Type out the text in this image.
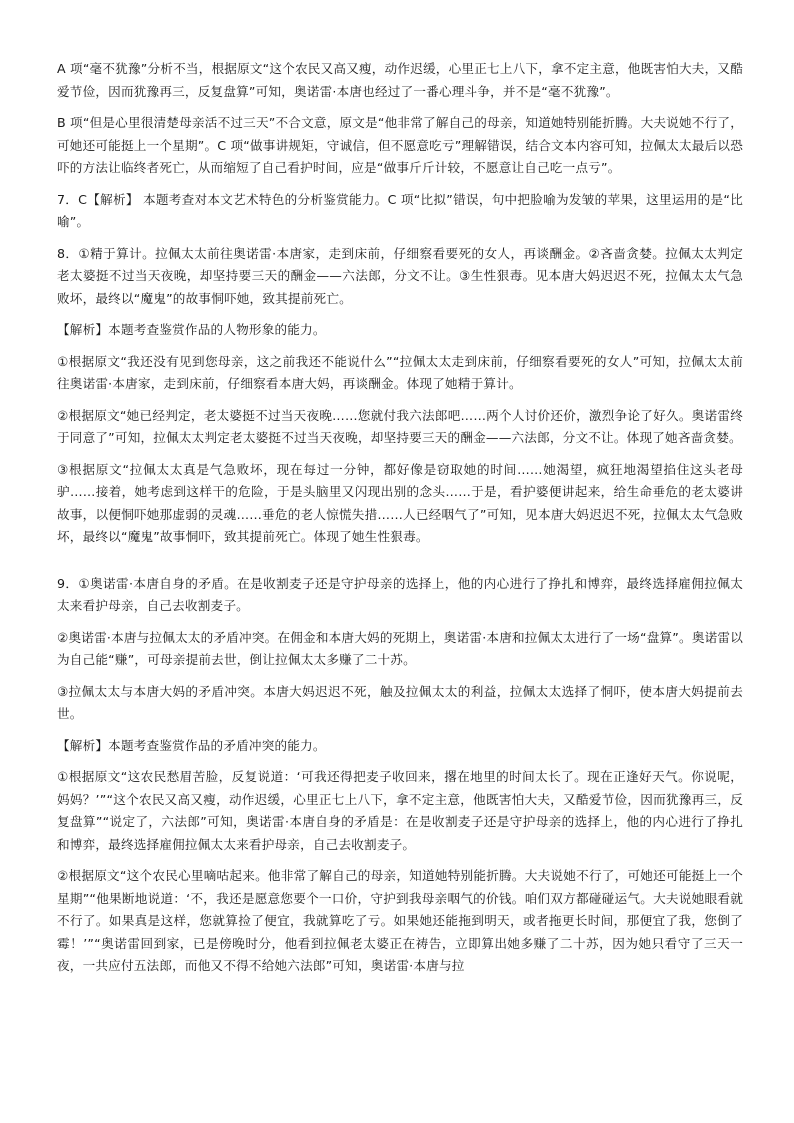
A 项“毫不犹豫”分析不当，根据原文“这个农民又高又瘦，动作迟缓，心里正七上八下，拿不定主意，他既害怕大夫，又酷爱节俭，因而犹豫再三，反复盘算”可知，奥诺雷·本唐也经过了一番心理斗争，并不是“毫不犹豫”。

B 项“但是心里很清楚母亲活不过三天”不合文意，原文是“他非常了解自己的母亲，知道她特别能折腾。大夫说她不行了，可她还可能挺上一个星期”。C 项“做事讲规矩，守诚信，但不愿意吃亏”理解错误，结合文本内容可知，拉佩太太最后以恐吓的方法让临终者死亡，从而缩短了自己看护时间，应是“做事斤斤计较，不愿意让自己吃一点亏”。

7．C【解析】 本题考查对本文艺术特色的分析鉴赏能力。C 项“比拟”错误，句中把脸喻为发皱的苹果，这里运用的是“比喻”。

8．①精于算计。拉佩太太前往奥诺雷·本唐家，走到床前，仔细察看要死的女人，再谈酬金。②吝啬贪婪。拉佩太太判定老太婆挺不过当天夜晚，却坚持要三天的酬金——六法郎，分文不让。③生性狠毒。见本唐大妈迟迟不死，拉佩太太气急败坏，最终以“魔鬼”的故事恫吓她，致其提前死亡。

【解析】本题考查鉴赏作品的人物形象的能力。

①根据原文“我还没有见到您母亲，这之前我还不能说什么”“拉佩太太走到床前，仔细察看要死的女人”可知，拉佩太太前往奥诺雷·本唐家，走到床前，仔细察看本唐大妈，再谈酬金。体现了她精于算计。

②根据原文“她已经判定，老太婆挺不过当天夜晚……您就付我六法郎吧……两个人讨价还价，激烈争论了好久。奥诺雷终于同意了”可知，拉佩太太判定老太婆挺不过当天夜晚，却坚持要三天的酬金——六法郎，分文不让。体现了她吝啬贪婪。

③根据原文“拉佩太太真是气急败坏，现在每过一分钟，都好像是窃取她的时间……她渴望，疯狂地渴望掐住这头老母驴……接着，她考虑到这样干的危险，于是头脑里又闪现出别的念头……于是，看护婆便讲起来，给生命垂危的老太婆讲故事，以便恫吓她那虚弱的灵魂……垂危的老人惊慌失措……人已经咽气了”可知，见本唐大妈迟迟不死，拉佩太太气急败坏，最终以“魔鬼”故事恫吓，致其提前死亡。体现了她生性狠毒。

9．①奥诺雷·本唐自身的矛盾。在是收割麦子还是守护母亲的选择上，他的内心进行了挣扎和博弈，最终选择雇佣拉佩太太来看护母亲，自己去收割麦子。

②奥诺雷·本唐与拉佩太太的矛盾冲突。在佣金和本唐大妈的死期上，奥诺雷·本唐和拉佩太太进行了一场“盘算”。奥诺雷以为自己能“赚”，可母亲提前去世，倒让拉佩太太多赚了二十苏。

③拉佩太太与本唐大妈的矛盾冲突。本唐大妈迟迟不死，触及拉佩太太的利益，拉佩太太选择了恫吓，使本唐大妈提前去世。

【解析】本题考查鉴赏作品的矛盾冲突的能力。

①根据原文“这农民愁眉苦脸，反复说道：‘可我还得把麦子收回来，撂在地里的时间太长了。现在正逢好天气。你说呢，妈妈？’”“这个农民又高又瘦，动作迟缓，心里正七上八下，拿不定主意，他既害怕大夫，又酷爱节俭，因而犹豫再三，反复盘算”“说定了，六法郎”可知，奥诺雷·本唐自身的矛盾是：在是收割麦子还是守护母亲的选择上，他的内心进行了挣扎和博弈，最终选择雇佣拉佩太太来看护母亲，自己去收割麦子。

②根据原文“这个农民心里嘀咕起来。他非常了解自己的母亲，知道她特别能折腾。大夫说她不行了，可她还可能挺上一个星期”“他果断地说道：‘不，我还是愿意您要个一口价，守护到我母亲咽气的价钱。咱们双方都碰碰运气。大夫说她眼看就不行了。如果真是这样，您就算捡了便宜，我就算吃了亏。如果她还能拖到明天，或者拖更长时间，那便宜了我，您倒了霉！’”“奥诺雷回到家，已是傍晚时分，他看到拉佩老太婆正在祷告，立即算出她多赚了二十苏，因为她只看守了三天一夜，一共应付五法郎，而他又不得不给她六法郎”可知，奥诺雷·本唐与拉
